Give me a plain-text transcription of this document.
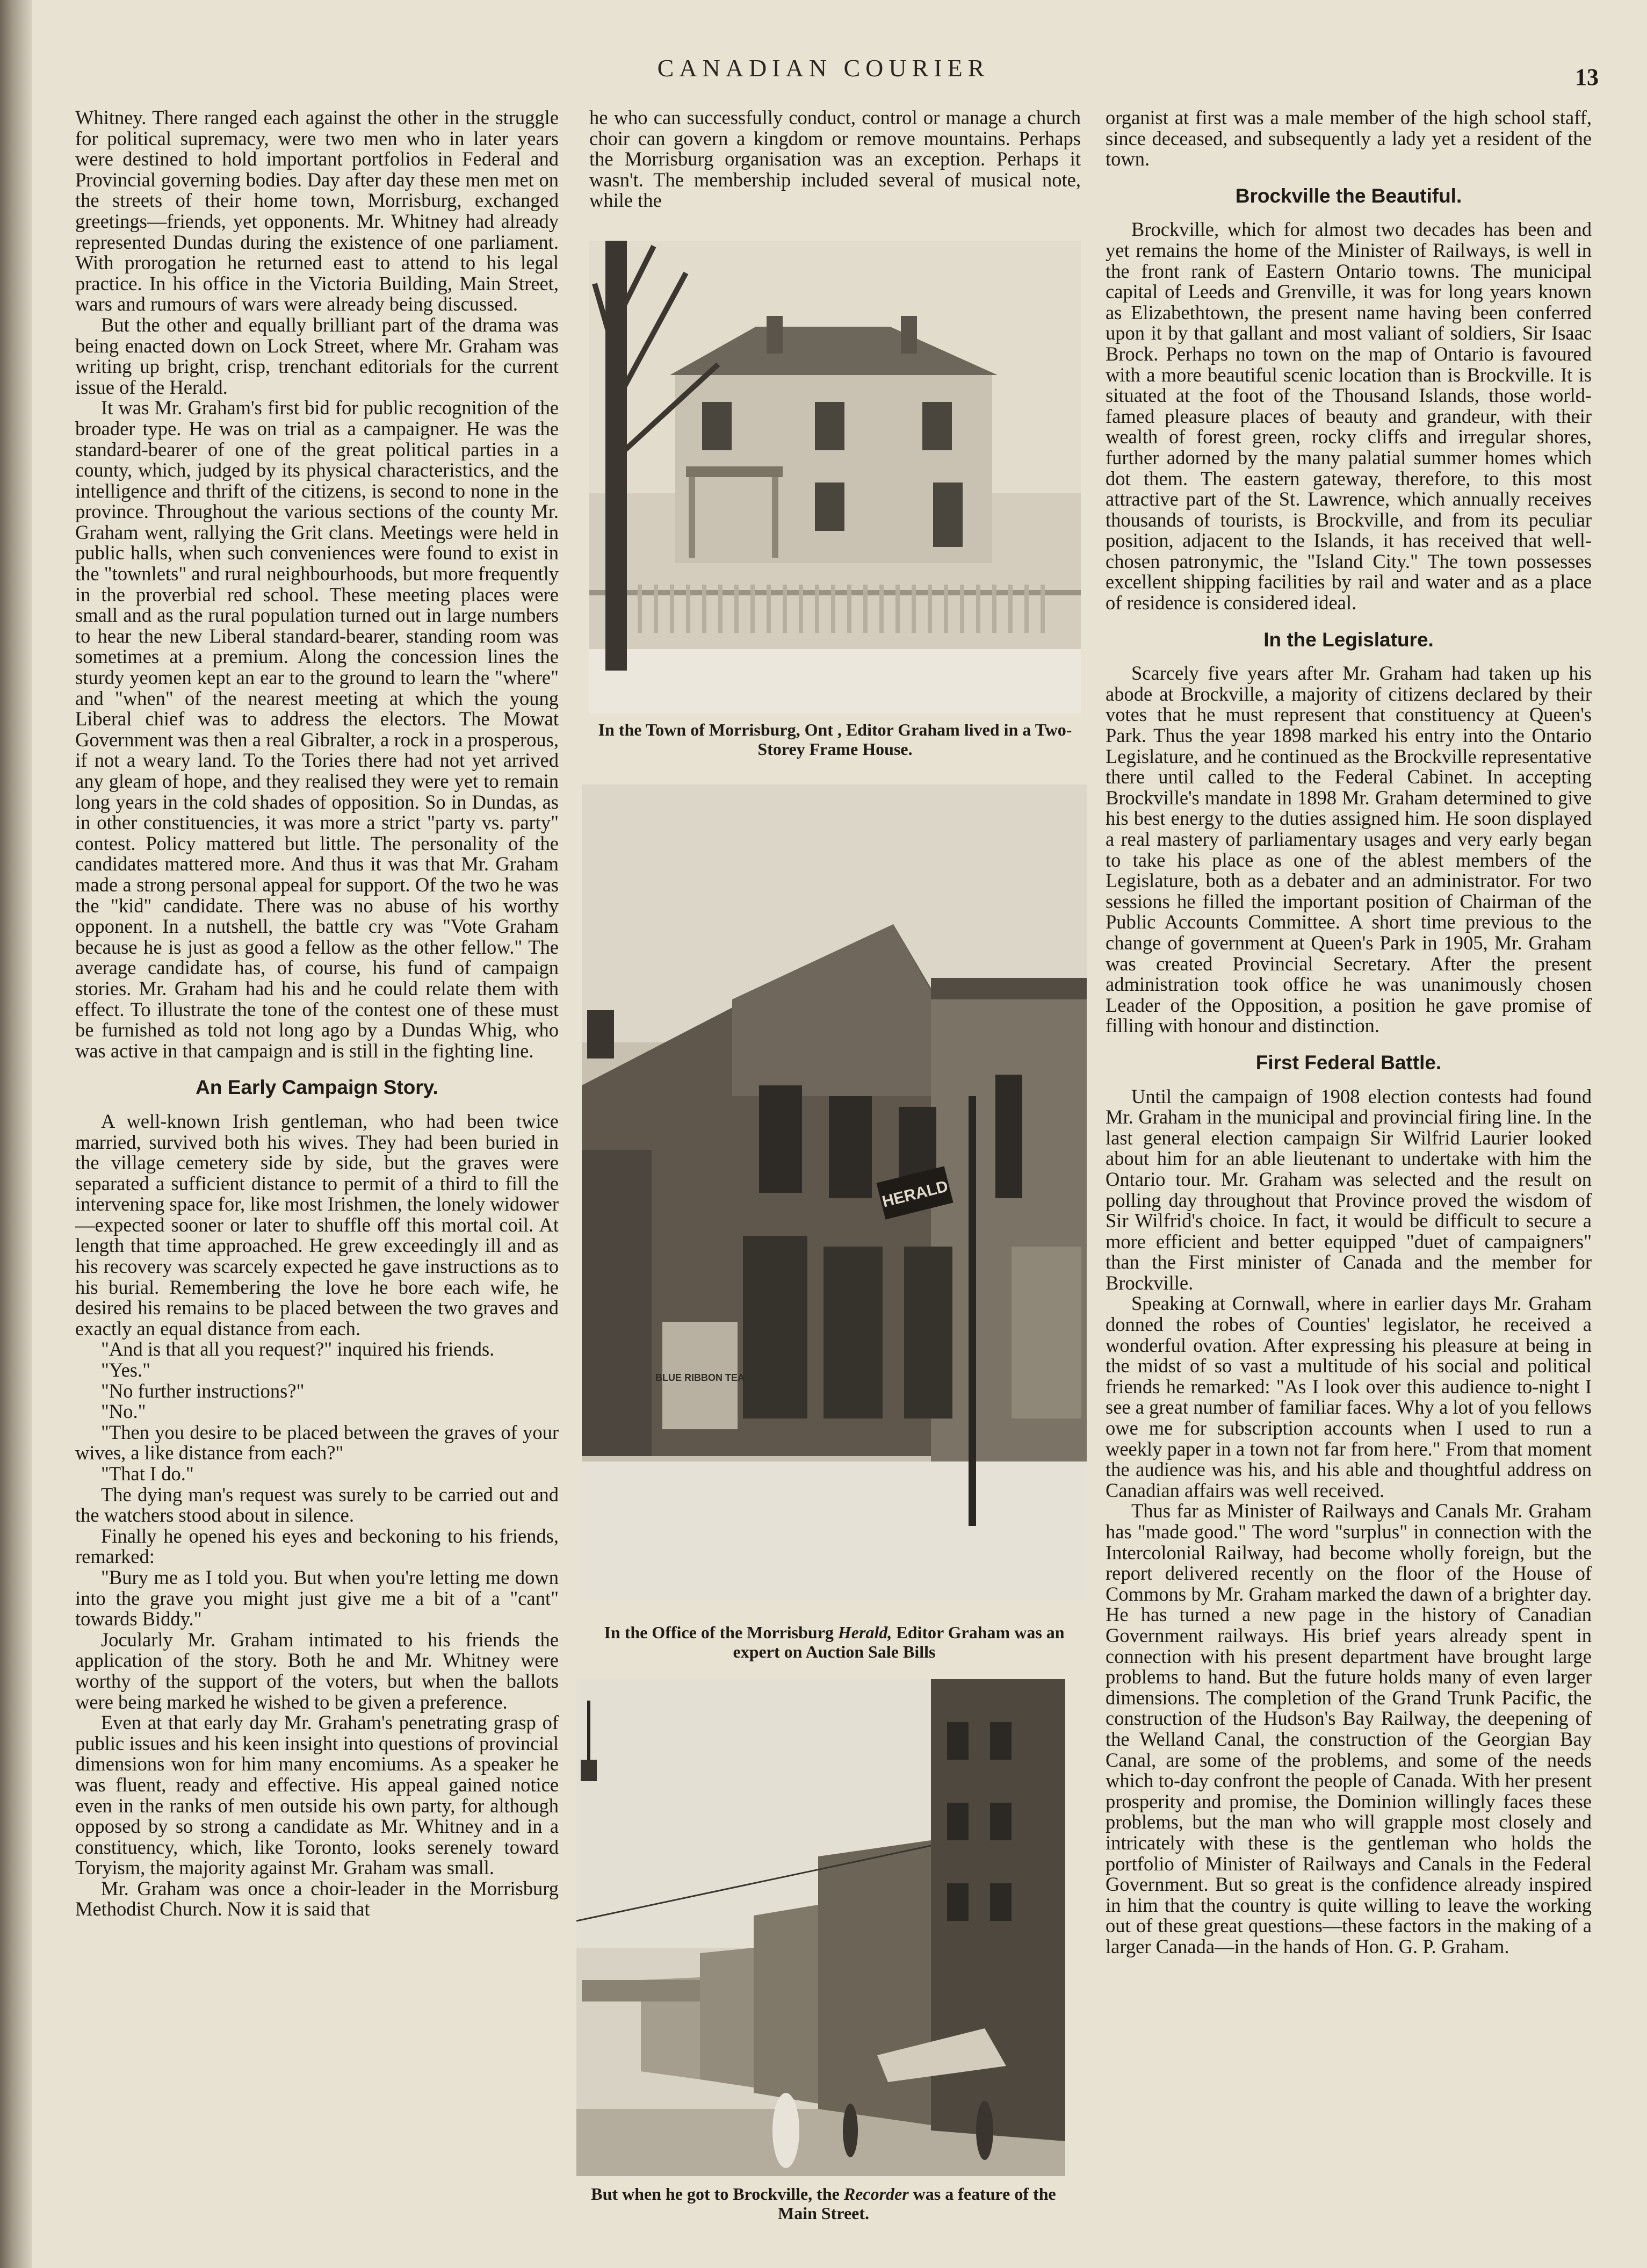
CANADIAN COURIER	13

Whitney. There ranged each against the other in the struggle for political supremacy, were two men who in later years were destined to hold important portfolios in Federal and Provincial governing bodies. Day after day these men met on the streets of their home town, Morrisburg, exchanged greetings—friends, yet opponents. Mr. Whitney had already represented Dundas during the existence of one parliament. With prorogation he returned east to attend to his legal practice. In his office in the Victoria Building, Main Street, wars and rumours of wars were already being discussed.

But the other and equally brilliant part of the drama was being enacted down on Lock Street, where Mr. Graham was writing up bright, crisp, trenchant editorials for the current issue of the Herald.

It was Mr. Graham's first bid for public recognition of the broader type. He was on trial as a campaigner. He was the standard-bearer of one of the great political parties in a county, which, judged by its physical characteristics, and the intelligence and thrift of the citizens, is second to none in the province. Throughout the various sections of the county Mr. Graham went, rallying the Grit clans. Meetings were held in public halls, when such conveniences were found to exist in the "townlets" and rural neighbourhoods, but more frequently in the proverbial red school. These meeting places were small and as the rural population turned out in large numbers to hear the new Liberal standard-bearer, standing room was sometimes at a premium. Along the concession lines the sturdy yeomen kept an ear to the ground to learn the "where" and "when" of the nearest meeting at which the young Liberal chief was to address the electors. The Mowat Government was then a real Gibralter, a rock in a prosperous, if not a weary land. To the Tories there had not yet arrived any gleam of hope, and they realised they were yet to remain long years in the cold shades of opposition. So in Dundas, as in other constituencies, it was more a strict "party vs. party" contest. Policy mattered but little. The personality of the candidates mattered more. And thus it was that Mr. Graham made a strong personal appeal for support. Of the two he was the "kid" candidate. There was no abuse of his worthy opponent. In a nutshell, the battle cry was "Vote Graham because he is just as good a fellow as the other fellow." The average candidate has, of course, his fund of campaign stories. Mr. Graham had his and he could relate them with effect. To illustrate the tone of the contest one of these must be furnished as told not long ago by a Dundas Whig, who was active in that campaign and is still in the fighting line.

An Early Campaign Story.

A well-known Irish gentleman, who had been twice married, survived both his wives. They had been buried in the village cemetery side by side, but the graves were separated a sufficient distance to permit of a third to fill the intervening space for, like most Irishmen, the lonely widower—expected sooner or later to shuffle off this mortal coil. At length that time approached. He grew exceedingly ill and as his recovery was scarcely expected he gave instructions as to his burial. Remembering the love he bore each wife, he desired his remains to be placed between the two graves and exactly an equal distance from each.

"And is that all you request?" inquired his friends.

"Yes."

"No further instructions?"

"No."

"Then you desire to be placed between the graves of your wives, a like distance from each?"

"That I do."

The dying man's request was surely to be carried out and the watchers stood about in silence.

Finally he opened his eyes and beckoning to his friends, remarked:

"Bury me as I told you. But when you're letting me down into the grave you might just give me a bit of a "cant" towards Biddy."

Jocularly Mr. Graham intimated to his friends the application of the story. Both he and Mr. Whitney were worthy of the support of the voters, but when the ballots were being marked he wished to be given a preference.

Even at that early day Mr. Graham's penetrating grasp of public issues and his keen insight into questions of provincial dimensions won for him many encomiums. As a speaker he was fluent, ready and effective. His appeal gained notice even in the ranks of men outside his own party, for although opposed by so strong a candidate as Mr. Whitney and in a constituency, which, like Toronto, looks serenely toward Toryism, the majority against Mr. Graham was small.

Mr. Graham was once a choir-leader in the Morrisburg Methodist Church. Now it is said that

he who can successfully conduct, control or manage a church choir can govern a kingdom or remove mountains. Perhaps the Morrisburg organisation was an exception. Perhaps it wasn't. The membership included several of musical note, while the

In the Town of Morrisburg, Ont , Editor Graham lived in a Two-Storey Frame House.
BLUE RIBBON TEA
HERALD
In the Office of the Morrisburg Herald, Editor Graham was an expert on Auction Sale Bills
But when he got to Brockville, the Recorder was a feature of the Main Street.

organist at first was a male member of the high school staff, since deceased, and subsequently a lady yet a resident of the town.

Brockville the Beautiful.

Brockville, which for almost two decades has been and yet remains the home of the Minister of Railways, is well in the front rank of Eastern Ontario towns. The municipal capital of Leeds and Grenville, it was for long years known as Elizabethtown, the present name having been conferred upon it by that gallant and most valiant of soldiers, Sir Isaac Brock. Perhaps no town on the map of Ontario is favoured with a more beautiful scenic location than is Brockville. It is situated at the foot of the Thousand Islands, those world-famed pleasure places of beauty and grandeur, with their wealth of forest green, rocky cliffs and irregular shores, further adorned by the many palatial summer homes which dot them. The eastern gateway, therefore, to this most attractive part of the St. Lawrence, which annually receives thousands of tourists, is Brockville, and from its peculiar position, adjacent to the Islands, it has received that well-chosen patronymic, the "Island City." The town possesses excellent shipping facilities by rail and water and as a place of residence is considered ideal.

In the Legislature.

Scarcely five years after Mr. Graham had taken up his abode at Brockville, a majority of citizens declared by their votes that he must represent that constituency at Queen's Park. Thus the year 1898 marked his entry into the Ontario Legislature, and he continued as the Brockville representative there until called to the Federal Cabinet. In accepting Brockville's mandate in 1898 Mr. Graham determined to give his best energy to the duties assigned him. He soon displayed a real mastery of parliamentary usages and very early began to take his place as one of the ablest members of the Legislature, both as a debater and an administrator. For two sessions he filled the important position of Chairman of the Public Accounts Committee. A short time previous to the change of government at Queen's Park in 1905, Mr. Graham was created Provincial Secretary. After the present administration took office he was unanimously chosen Leader of the Opposition, a position he gave promise of filling with honour and distinction.

First Federal Battle.

Until the campaign of 1908 election contests had found Mr. Graham in the municipal and provincial firing line. In the last general election campaign Sir Wilfrid Laurier looked about him for an able lieutenant to undertake with him the Ontario tour. Mr. Graham was selected and the result on polling day throughout that Province proved the wisdom of Sir Wilfrid's choice. In fact, it would be difficult to secure a more efficient and better equipped "duet of campaigners" than the First minister of Canada and the member for Brockville.

Speaking at Cornwall, where in earlier days Mr. Graham donned the robes of Counties' legislator, he received a wonderful ovation. After expressing his pleasure at being in the midst of so vast a multitude of his social and political friends he remarked: "As I look over this audience to-night I see a great number of familiar faces. Why a lot of you fellows owe me for subscription accounts when I used to run a weekly paper in a town not far from here." From that moment the audience was his, and his able and thoughtful address on Canadian affairs was well received.

Thus far as Minister of Railways and Canals Mr. Graham has "made good." The word "surplus" in connection with the Intercolonial Railway, had become wholly foreign, but the report delivered recently on the floor of the House of Commons by Mr. Graham marked the dawn of a brighter day. He has turned a new page in the history of Canadian Government railways. His brief years already spent in connection with his present department have brought large problems to hand. But the future holds many of even larger dimensions. The completion of the Grand Trunk Pacific, the construction of the Hudson's Bay Railway, the deepening of the Welland Canal, the construction of the Georgian Bay Canal, are some of the problems, and some of the needs which to-day confront the people of Canada. With her present prosperity and promise, the Dominion willingly faces these problems, but the man who will grapple most closely and intricately with these is the gentleman who holds the portfolio of Minister of Railways and Canals in the Federal Government. But so great is the confidence already inspired in him that the country is quite willing to leave the working out of these great questions—these factors in the making of a larger Canada—in the hands of Hon. G. P. Graham.
